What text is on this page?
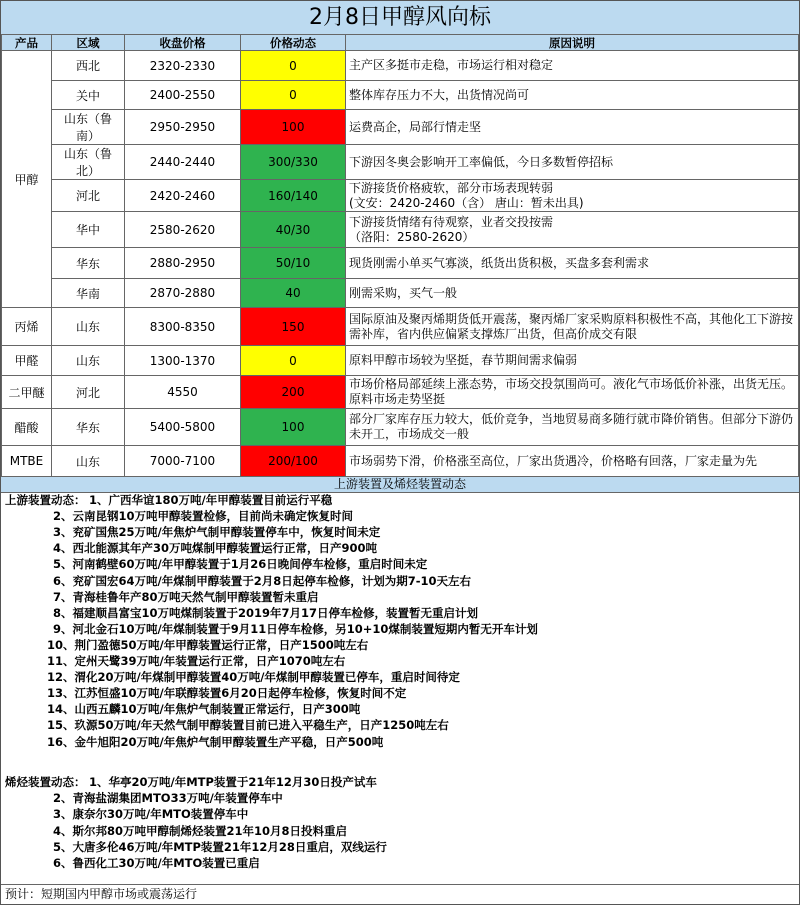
2月8日甲醇风向标
产品	区域	收盘价格	价格动态	原因说明
甲醇	西北	2320-2330	0	主产区多挺市走稳，市场运行相对稳定
	关中	2400-2550	0	整体库存压力不大，出货情况尚可
	山东（鲁南）	2950-2950	100	运费高企，局部行情走坚
	山东（鲁北）	2440-2440	300/330	下游因冬奥会影响开工率偏低，今日多数暂停招标
	河北	2420-2460	160/140	下游接货价格疲软，部分市场表现转弱
(文安：2420-2460（含） 唐山：暂未出具)
	华中	2580-2620	40/30	下游接货情绪有待观察，业者交投按需
（洛阳：2580-2620）
	华东	2880-2950	50/10	现货刚需小单买气寡淡，纸货出货积极，买盘多套利需求
	华南	2870-2880	40	刚需采购，买气一般
丙烯	山东	8300-8350	150	国际原油及聚丙烯期货低开震荡，聚丙烯厂家采购原料积极性不高，其他化工下游按需补库，省内供应偏紧支撑炼厂出货，但高价成交有限
甲醛	山东	1300-1370	0	原料甲醇市场较为坚挺，春节期间需求偏弱
二甲醚	河北	4550	200	市场价格局部延续上涨态势，市场交投氛围尚可。液化气市场低价补涨，出货无压。原料市场走势坚挺
醋酸	华东	5400-5800	100	部分厂家库存压力较大，低价竞争，当地贸易商多随行就市降价销售。但部分下游仍未开工，市场成交一般
MTBE	山东	7000-7100	200/100	市场弱势下滑，价格涨至高位，厂家出货遇冷，价格略有回落，厂家走量为先
上游装置及烯烃装置动态
上游装置动态： 1、广西华谊180万吨/年甲醇装置目前运行平稳
2、云南昆钢10万吨甲醇装置检修，目前尚未确定恢复时间
3、兖矿国焦25万吨/年焦炉气制甲醇装置停车中，恢复时间未定
4、西北能源其年产30万吨煤制甲醇装置运行正常，日产900吨
5、河南鹤壁60万吨/年甲醇装置于1月26日晚间停车检修，重启时间未定
6、兖矿国宏64万吨/年煤制甲醇装置于2月8日起停车检修，计划为期7-10天左右
7、青海桂鲁年产80万吨天然气制甲醇装置暂未重启
8、福建顺昌富宝10万吨煤制装置于2019年7月17日停车检修，装置暂无重启计划
9、河北金石10万吨/年煤制装置于9月11日停车检修，另10+10煤制装置短期内暂无开车计划
10、荆门盈德50万吨/年甲醇装置运行正常，日产1500吨左右
11、定州天鹭39万吨/年装置运行正常，日产1070吨左右
12、渭化20万吨/年煤制甲醇装置40万吨/年煤制甲醇装置已停车，重启时间待定
13、江苏恒盛10万吨/年联醇装置6月20日起停车检修，恢复时间不定
14、山西五麟10万吨/年焦炉气制装置正常运行，日产300吨
15、玖源50万吨/年天然气制甲醇装置目前已进入平稳生产，日产1250吨左右
16、金牛旭阳20万吨/年焦炉气制甲醇装置生产平稳，日产500吨
烯烃装置动态： 1、华亭20万吨/年MTP装置于21年12月30日投产试车
2、青海盐湖集团MTO33万吨/年装置停车中
3、康奈尔30万吨/年MTO装置停车中
4、斯尔邦80万吨甲醇制烯烃装置21年10月8日投料重启
5、大唐多伦46万吨/年MTP装置21年12月28日重启，双线运行
6、鲁西化工30万吨/年MTO装置已重启
预计：短期国内甲醇市场或震荡运行
